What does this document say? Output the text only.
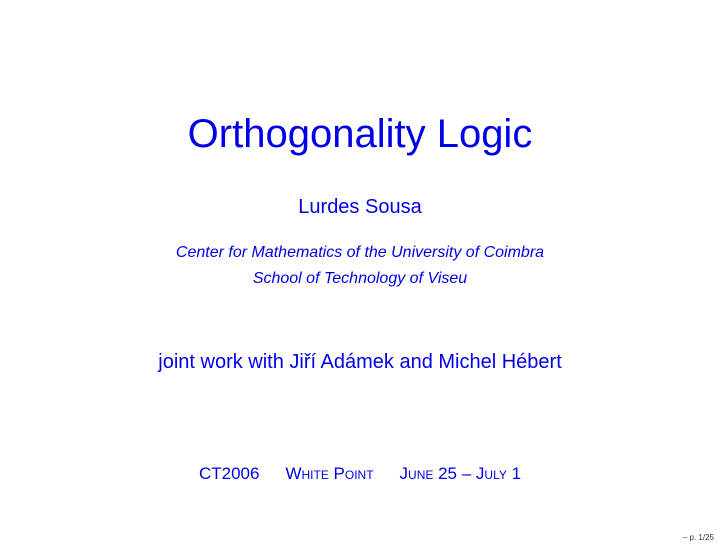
Orthogonality Logic
Lurdes Sousa
Center for Mathematics of the University of Coimbra
School of Technology of Viseu
joint work with Jiří Adámek and Michel Hébert
CT2006 White Point June 25 – July 1
– p. 1/25
